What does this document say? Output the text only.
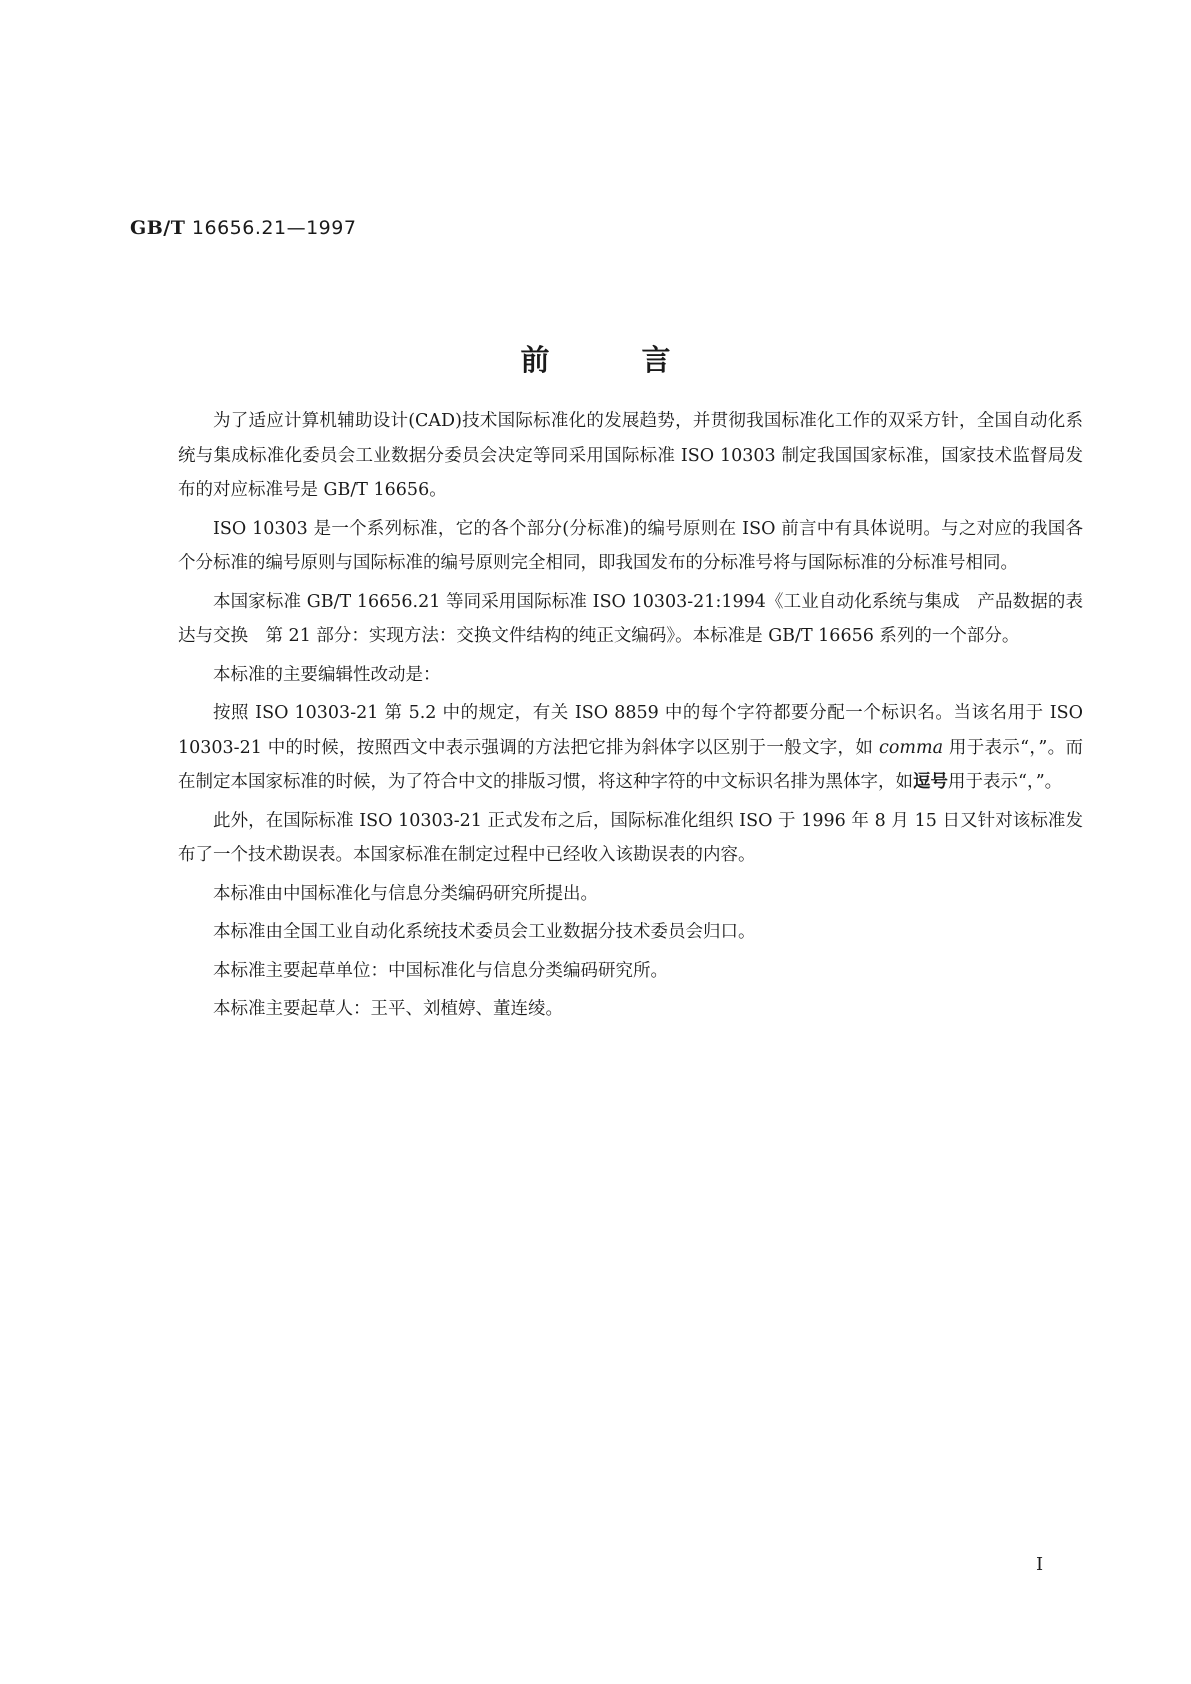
GB/T 16656.21—1997
前	言

为了适应计算机辅助设计(CAD)技术国际标准化的发展趋势，并贯彻我国标准化工作的双采方针，全国自动化系统与集成标准化委员会工业数据分委员会决定等同采用国际标准 ISO 10303 制定我国国家标准，国家技术监督局发布的对应标准号是 GB/T 16656。

ISO 10303 是一个系列标准，它的各个部分(分标准)的编号原则在 ISO 前言中有具体说明。与之对应的我国各个分标准的编号原则与国际标准的编号原则完全相同，即我国发布的分标准号将与国际标准的分标准号相同。

本国家标准 GB/T 16656.21 等同采用国际标准 ISO 10303-21:1994《工业自动化系统与集成　产品数据的表达与交换　第 21 部分：实现方法：交换文件结构的纯正文编码》。本标准是 GB/T 16656 系列的一个部分。

本标准的主要编辑性改动是：

按照 ISO 10303-21 第 5.2 中的规定，有关 ISO 8859 中的每个字符都要分配一个标识名。当该名用于 ISO 10303-21 中的时候，按照西文中表示强调的方法把它排为斜体字以区别于一般文字，如 comma 用于表示“，”。而在制定本国家标准的时候，为了符合中文的排版习惯，将这种字符的中文标识名排为黑体字，如逗号用于表示“，”。

此外，在国际标准 ISO 10303-21 正式发布之后，国际标准化组织 ISO 于 1996 年 8 月 15 日又针对该标准发布了一个技术勘误表。本国家标准在制定过程中已经收入该勘误表的内容。

本标准由中国标准化与信息分类编码研究所提出。

本标准由全国工业自动化系统技术委员会工业数据分技术委员会归口。

本标准主要起草单位：中国标准化与信息分类编码研究所。

本标准主要起草人：王平、刘植婷、董连绫。

I
